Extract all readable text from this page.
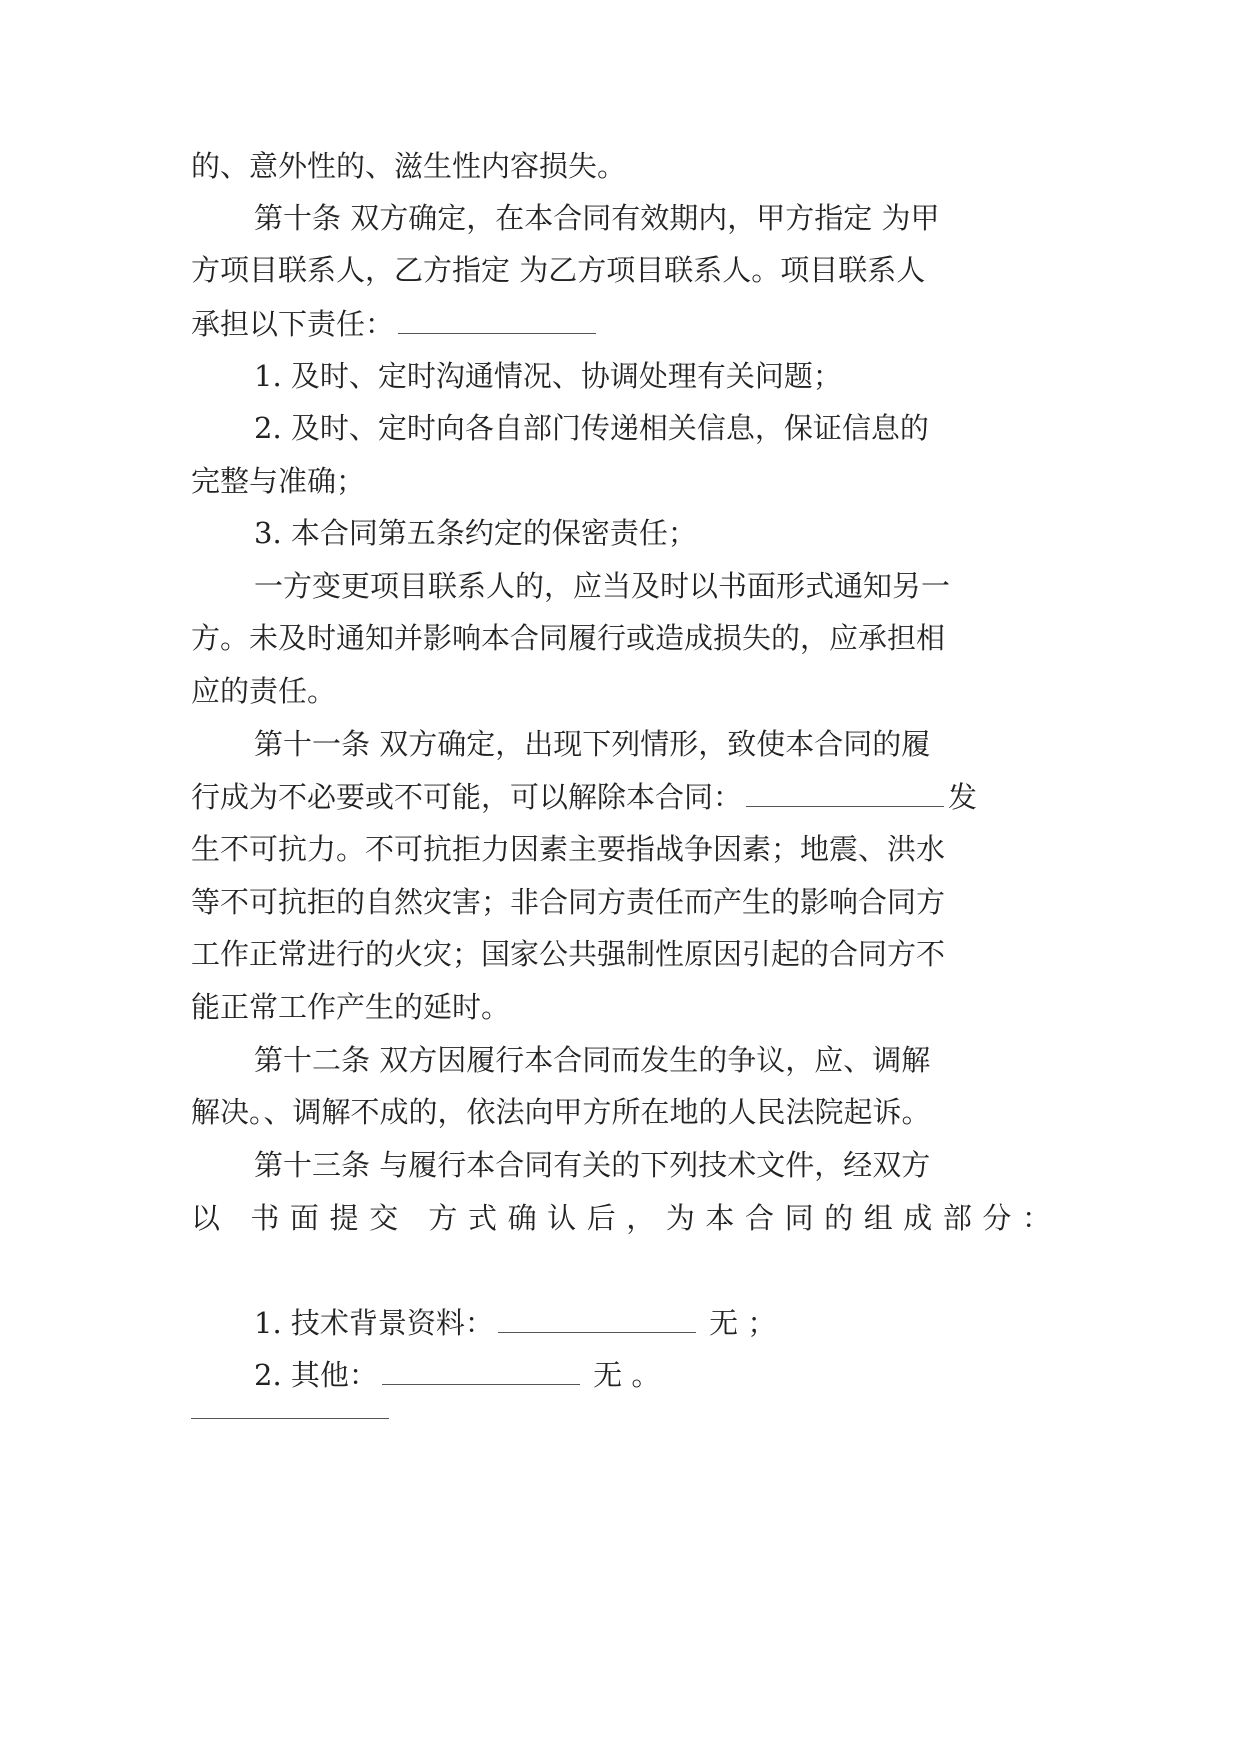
的、意外性的、滋生性内容损失。
第十条 双方确定，在本合同有效期内，甲方指定 为甲
方项目联系人，乙方指定 为乙方项目联系人。项目联系人
承担以下责任：
1. 及时、定时沟通情况、协调处理有关问题；
2. 及时、定时向各自部门传递相关信息，保证信息的
完整与准确；
3. 本合同第五条约定的保密责任；
一方变更项目联系人的，应当及时以书面形式通知另一
方。未及时通知并影响本合同履行或造成损失的，应承担相
应的责任。
第十一条 双方确定，出现下列情形，致使本合同的履
行成为不必要或不可能，可以解除本合同：	发
生不可抗力。不可抗拒力因素主要指战争因素；地震、洪水
等不可抗拒的自然灾害；非合同方责任而产生的影响合同方
工作正常进行的火灾；国家公共强制性原因引起的合同方不
能正常工作产生的延时。
第十二条 双方因履行本合同而发生的争议，应、调解
解决。、调解不成的，依法向甲方所在地的人民法院起诉。
第十三条 与履行本合同有关的下列技术文件，经双方
以 书面提交 方式确认后，为本合同的组成部分：
1. 技术背景资料：	无 ；
2. 其他：	无 。
